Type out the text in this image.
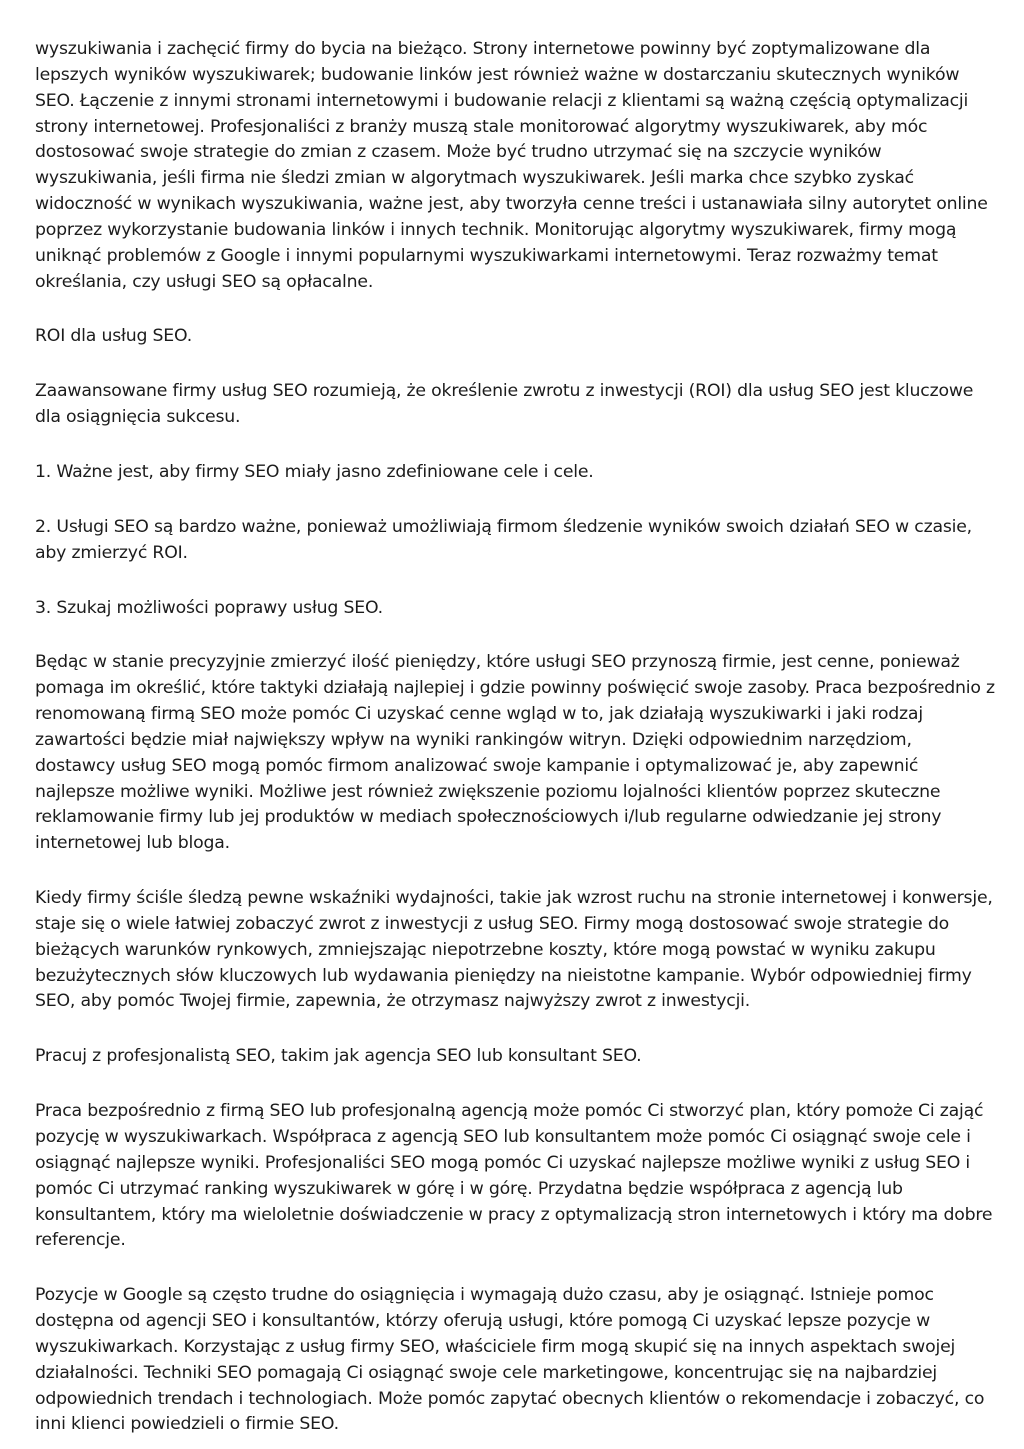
wyszukiwania i zachęcić firmy do bycia na bieżąco. Strony internetowe powinny być zoptymalizowane dla lepszych wyników wyszukiwarek; budowanie linków jest również ważne w dostarczaniu skutecznych wyników SEO. Łączenie z innymi stronami internetowymi i budowanie relacji z klientami są ważną częścią optymalizacji strony internetowej. Profesjonaliści z branży muszą stale monitorować algorytmy wyszukiwarek, aby móc dostosować swoje strategie do zmian z czasem. Może być trudno utrzymać się na szczycie wyników wyszukiwania, jeśli firma nie śledzi zmian w algorytmach wyszukiwarek. Jeśli marka chce szybko zyskać widoczność w wynikach wyszukiwania, ważne jest, aby tworzyła cenne treści i ustanawiała silny autorytet online poprzez wykorzystanie budowania linków i innych technik. Monitorując algorytmy wyszukiwarek, firmy mogą uniknąć problemów z Google i innymi popularnymi wyszukiwarkami internetowymi. Teraz rozważmy temat określania, czy usługi SEO są opłacalne.

ROI dla usług SEO.

Zaawansowane firmy usług SEO rozumieją, że określenie zwrotu z inwestycji (ROI) dla usług SEO jest kluczowe dla osiągnięcia sukcesu.

1. Ważne jest, aby firmy SEO miały jasno zdefiniowane cele i cele.

2. Usługi SEO są bardzo ważne, ponieważ umożliwiają firmom śledzenie wyników swoich działań SEO w czasie, aby zmierzyć ROI.

3. Szukaj możliwości poprawy usług SEO.

Będąc w stanie precyzyjnie zmierzyć ilość pieniędzy, które usługi SEO przynoszą firmie, jest cenne, ponieważ pomaga im określić, które taktyki działają najlepiej i gdzie powinny poświęcić swoje zasoby. Praca bezpośrednio z renomowaną firmą SEO może pomóc Ci uzyskać cenne wgląd w to, jak działają wyszukiwarki i jaki rodzaj zawartości będzie miał największy wpływ na wyniki rankingów witryn. Dzięki odpowiednim narzędziom, dostawcy usług SEO mogą pomóc firmom analizować swoje kampanie i optymalizować je, aby zapewnić najlepsze możliwe wyniki. Możliwe jest również zwiększenie poziomu lojalności klientów poprzez skuteczne reklamowanie firmy lub jej produktów w mediach społecznościowych i/lub regularne odwiedzanie jej strony internetowej lub bloga.

Kiedy firmy ściśle śledzą pewne wskaźniki wydajności, takie jak wzrost ruchu na stronie internetowej i konwersje, staje się o wiele łatwiej zobaczyć zwrot z inwestycji z usług SEO. Firmy mogą dostosować swoje strategie do bieżących warunków rynkowych, zmniejszając niepotrzebne koszty, które mogą powstać w wyniku zakupu bezużytecznych słów kluczowych lub wydawania pieniędzy na nieistotne kampanie. Wybór odpowiedniej firmy SEO, aby pomóc Twojej firmie, zapewnia, że otrzymasz najwyższy zwrot z inwestycji.

Pracuj z profesjonalistą SEO, takim jak agencja SEO lub konsultant SEO.

Praca bezpośrednio z firmą SEO lub profesjonalną agencją może pomóc Ci stworzyć plan, który pomoże Ci zająć pozycję w wyszukiwarkach. Współpraca z agencją SEO lub konsultantem może pomóc Ci osiągnąć swoje cele i osiągnąć najlepsze wyniki. Profesjonaliści SEO mogą pomóc Ci uzyskać najlepsze możliwe wyniki z usług SEO i pomóc Ci utrzymać ranking wyszukiwarek w górę i w górę. Przydatna będzie współpraca z agencją lub konsultantem, który ma wieloletnie doświadczenie w pracy z optymalizacją stron internetowych i który ma dobre referencje.

Pozycje w Google są często trudne do osiągnięcia i wymagają dużo czasu, aby je osiągnąć. Istnieje pomoc dostępna od agencji SEO i konsultantów, którzy oferują usługi, które pomogą Ci uzyskać lepsze pozycje w wyszukiwarkach. Korzystając z usług firmy SEO, właściciele firm mogą skupić się na innych aspektach swojej działalności. Techniki SEO pomagają Ci osiągnąć swoje cele marketingowe, koncentrując się na najbardziej odpowiednich trendach i technologiach. Może pomóc zapytać obecnych klientów o rekomendacje i zobaczyć, co inni klienci powiedzieli o firmie SEO.
